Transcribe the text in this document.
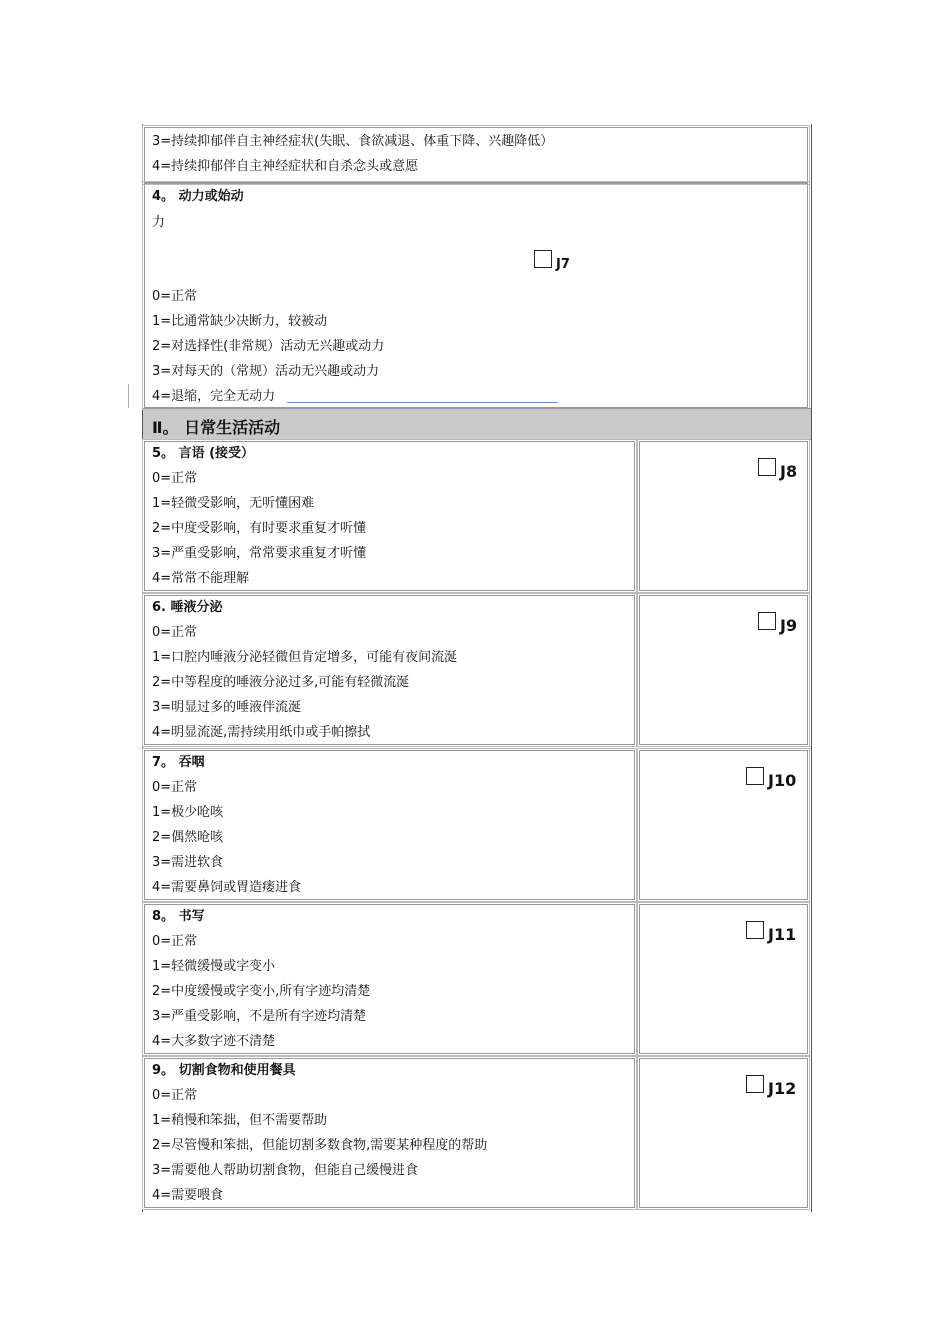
3=持续抑郁伴自主神经症状(失眠、食欲减退、体重下降、兴趣降低）
4=持续抑郁伴自主神经症状和自杀念头或意愿
4。 动力或始动
力
J7
0=正常
1=比通常缺少决断力，较被动
2=对选择性(非常规）活动无兴趣或动力
3=对每天的（常规）活动无兴趣或动力
4=退缩，完全无动力
Ⅱ。 日常生活活动
5。 言语 (接受）
0=正常
1=轻微受影响，无听懂困难
2=中度受影响，有时要求重复才听懂
3=严重受影响，常常要求重复才听懂
4=常常不能理解
J8
6. 唾液分泌
0=正常
1=口腔内唾液分泌轻微但肯定增多，可能有夜间流涎
2=中等程度的唾液分泌过多,可能有轻微流涎
3=明显过多的唾液伴流涎
4=明显流涎,需持续用纸巾或手帕擦拭
J9
7。 吞咽
0=正常
1=极少呛咳
2=偶然呛咳
3=需进软食
4=需要鼻饲或胃造瘘进食
J10
8。 书写
0=正常
1=轻微缓慢或字变小
2=中度缓慢或字变小,所有字迹均清楚
3=严重受影响，不是所有字迹均清楚
4=大多数字迹不清楚
J11
9。 切割食物和使用餐具
0=正常
1=稍慢和笨拙，但不需要帮助
2=尽管慢和笨拙，但能切割多数食物,需要某种程度的帮助
3=需要他人帮助切割食物，但能自己缓慢进食
4=需要喂食
J12
